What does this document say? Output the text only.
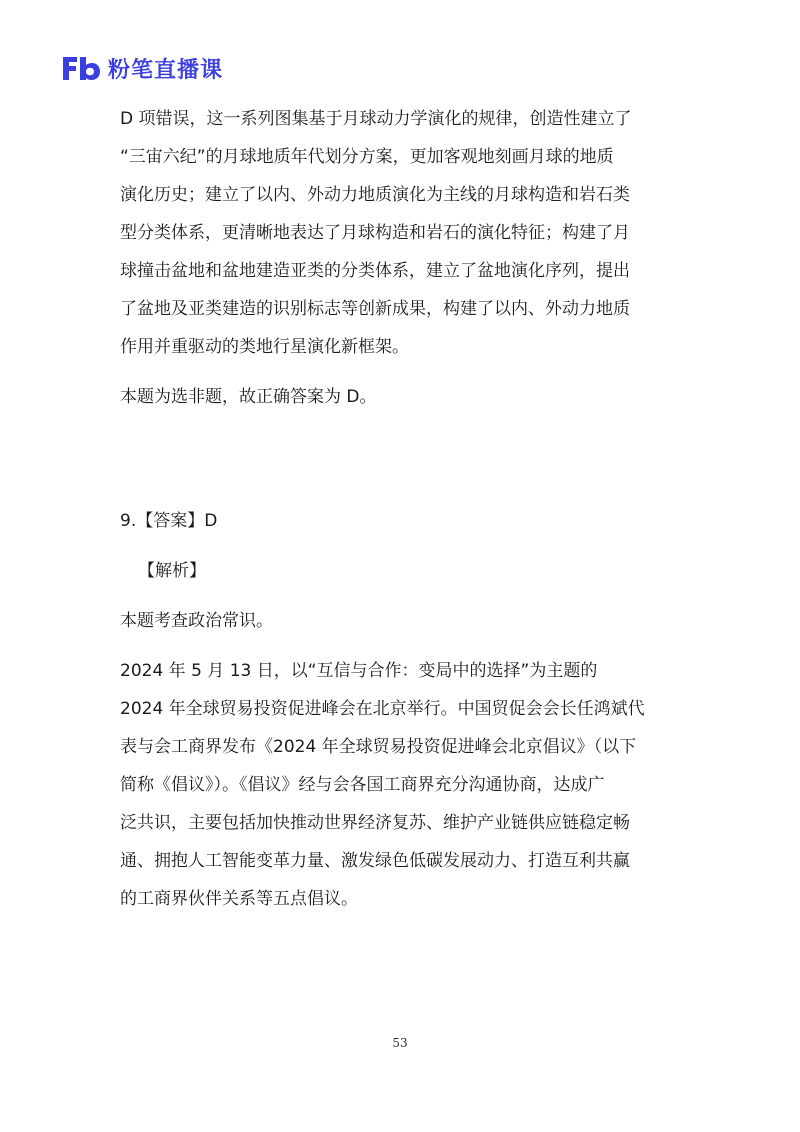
粉笔直播课
D 项错误，这一系列图集基于月球动力学演化的规律，创造性建立了
“三宙六纪”的月球地质年代划分方案，更加客观地刻画月球的地质
演化历史；建立了以内、外动力地质演化为主线的月球构造和岩石类
型分类体系，更清晰地表达了月球构造和岩石的演化特征；构建了月
球撞击盆地和盆地建造亚类的分类体系，建立了盆地演化序列，提出
了盆地及亚类建造的识别标志等创新成果，构建了以内、外动力地质
作用并重驱动的类地行星演化新框架。
本题为选非题，故正确答案为 D。
9.【答案】D
【解析】
本题考查政治常识。
2024 年 5 月 13 日，以“互信与合作：变局中的选择”为主题的
2024 年全球贸易投资促进峰会在北京举行。中国贸促会会长任鸿斌代
表与会工商界发布《2024 年全球贸易投资促进峰会北京倡议》（以下
简称《倡议》）。《倡议》经与会各国工商界充分沟通协商，达成广
泛共识，主要包括加快推动世界经济复苏、维护产业链供应链稳定畅
通、拥抱人工智能变革力量、激发绿色低碳发展动力、打造互利共赢
的工商界伙伴关系等五点倡议。
53
